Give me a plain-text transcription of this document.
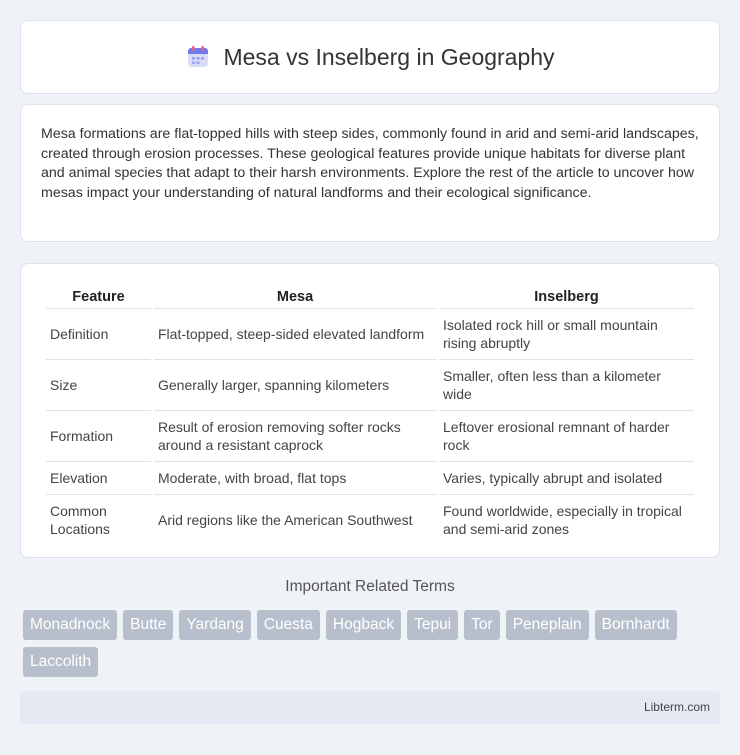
Mesa vs Inselberg in Geography

Mesa formations are flat-topped hills with steep sides, commonly found in arid and semi-arid landscapes, created through erosion processes. These geological features provide unique habitats for diverse plant and animal species that adapt to their harsh environments. Explore the rest of the article to uncover how mesas impact your understanding of natural landforms and their ecological significance.

Feature	Mesa	Inselberg
Definition	Flat-topped, steep-sided elevated landform	Isolated rock hill or small mountain rising abruptly
Size	Generally larger, spanning kilometers	Smaller, often less than a kilometer wide
Formation	Result of erosion removing softer rocks around a resistant caprock	Leftover erosional remnant of harder rock
Elevation	Moderate, with broad, flat tops	Varies, typically abrupt and isolated
Common Locations	Arid regions like the American Southwest	Found worldwide, especially in tropical and semi-arid zones
Important Related Terms
Monadnock	Butte	Yardang	Cuesta	Hogback	Tepui	Tor	Peneplain	Bornhardt
Laccolith
Libterm.com
